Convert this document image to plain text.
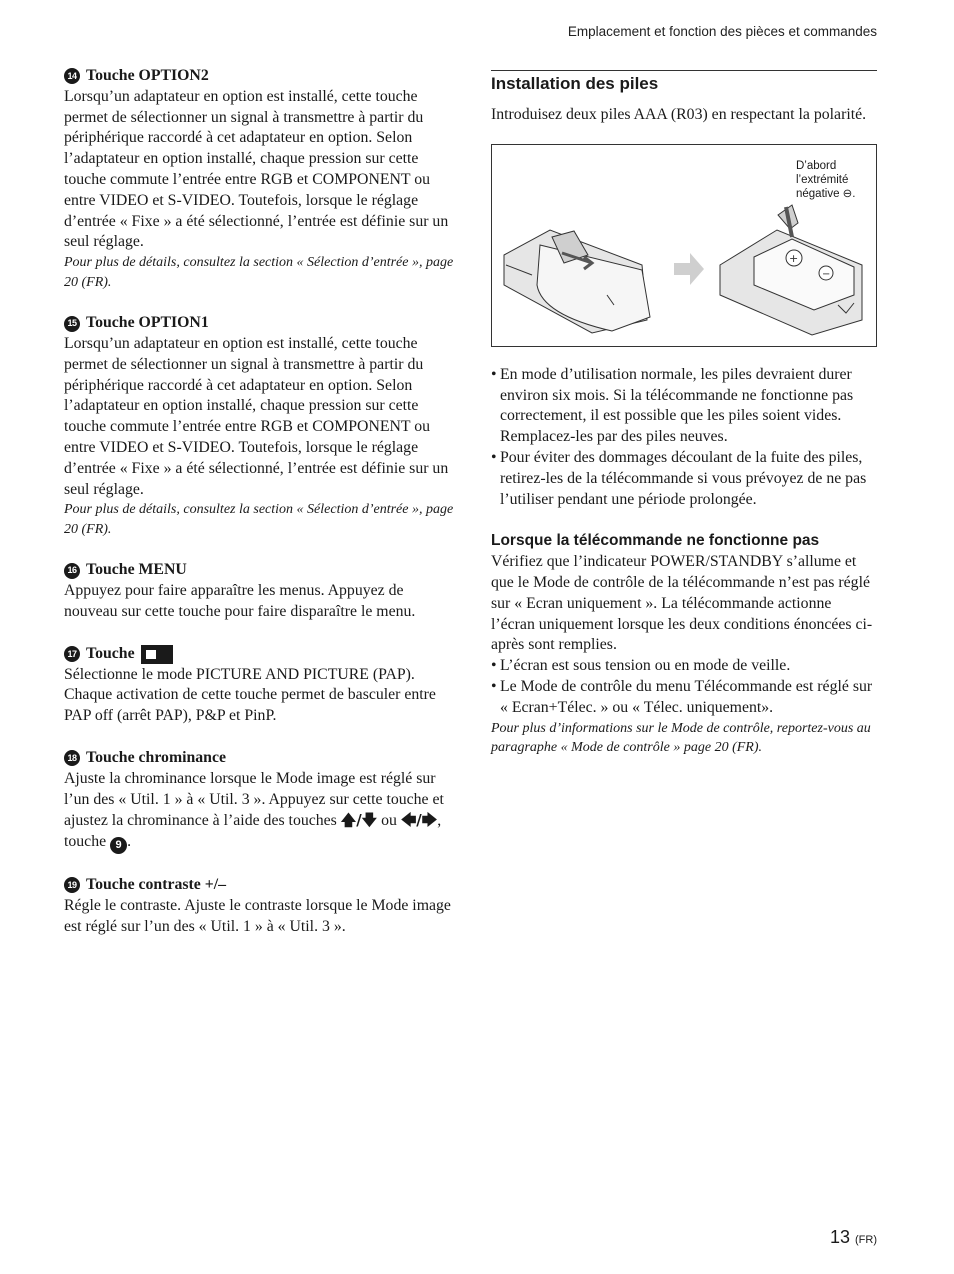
Emplacement et fonction des pièces et commandes
14 Touche OPTION2
Lorsqu’un adaptateur en option est installé, cette touche permet de sélectionner un signal à transmettre à partir du périphérique raccordé à cet adaptateur en option. Selon l’adaptateur en option installé, chaque pression sur cette touche commute l’entrée entre RGB et COMPONENT ou entre VIDEO et S-VIDEO. Toutefois, lorsque le réglage d’entrée « Fixe » a été sélectionné, l’entrée est définie sur un seul réglage.
Pour plus de détails, consultez la section « Sélection d’entrée », page 20 (FR).
15 Touche OPTION1
Lorsqu’un adaptateur en option est installé, cette touche permet de sélectionner un signal à transmettre à partir du périphérique raccordé à cet adaptateur en option. Selon l’adaptateur en option installé, chaque pression sur cette touche commute l’entrée entre RGB et COMPONENT ou entre VIDEO et S-VIDEO. Toutefois, lorsque le réglage d’entrée « Fixe » a été sélectionné, l’entrée est définie sur un seul réglage.
Pour plus de détails, consultez la section « Sélection d’entrée », page 20 (FR).
16 Touche MENU
Appuyez pour faire apparaître les menus. Appuyez de nouveau sur cette touche pour faire disparaître le menu.
17 Touche
Sélectionne le mode PICTURE AND PICTURE (PAP). Chaque activation de cette touche permet de basculer entre PAP off (arrêt PAP), P&P et PinP.
18 Touche chrominance
Ajuste la chrominance lorsque le Mode image est réglé sur l’un des « Util. 1 » à « Util. 3 ». Appuyez sur cette touche et ajustez la chrominance à l’aide des touches 🡅/🡇 ou 🡄/🡆, touche 9 .
19 Touche contraste +/–
Régle le contraste. Ajuste le contraste lorsque le Mode image est réglé sur l’un des « Util. 1 » à « Util. 3 ».
Installation des piles
Introduisez deux piles AAA (R03) en respectant la polarité.
+
−
D’abord l’extrémité négative ⊖.
• En mode d’utilisation normale, les piles devraient durer environ six mois. Si la télécommande ne fonctionne pas correctement, il est possible que les piles soient vides. Remplacez-les par des piles neuves.
• Pour éviter des dommages découlant de la fuite des piles, retirez-les de la télécommande si vous prévoyez de ne pas l’utiliser pendant une période prolongée.
Lorsque la télécommande ne fonctionne pas
Vérifiez que l’indicateur POWER/STANDBY s’allume et que le Mode de contrôle de la télécommande n’est pas réglé sur « Ecran uniquement ». La télécommande actionne l’écran uniquement lorsque les deux conditions énoncées ci-après sont remplies.
• L’écran est sous tension ou en mode de veille.
• Le Mode de contrôle du menu Télécommande est réglé sur « Ecran+Télec. » ou « Télec. uniquement».
Pour plus d’informations sur le Mode de contrôle, reportez-vous au paragraphe « Mode de contrôle » page 20 (FR).
13 (FR)
